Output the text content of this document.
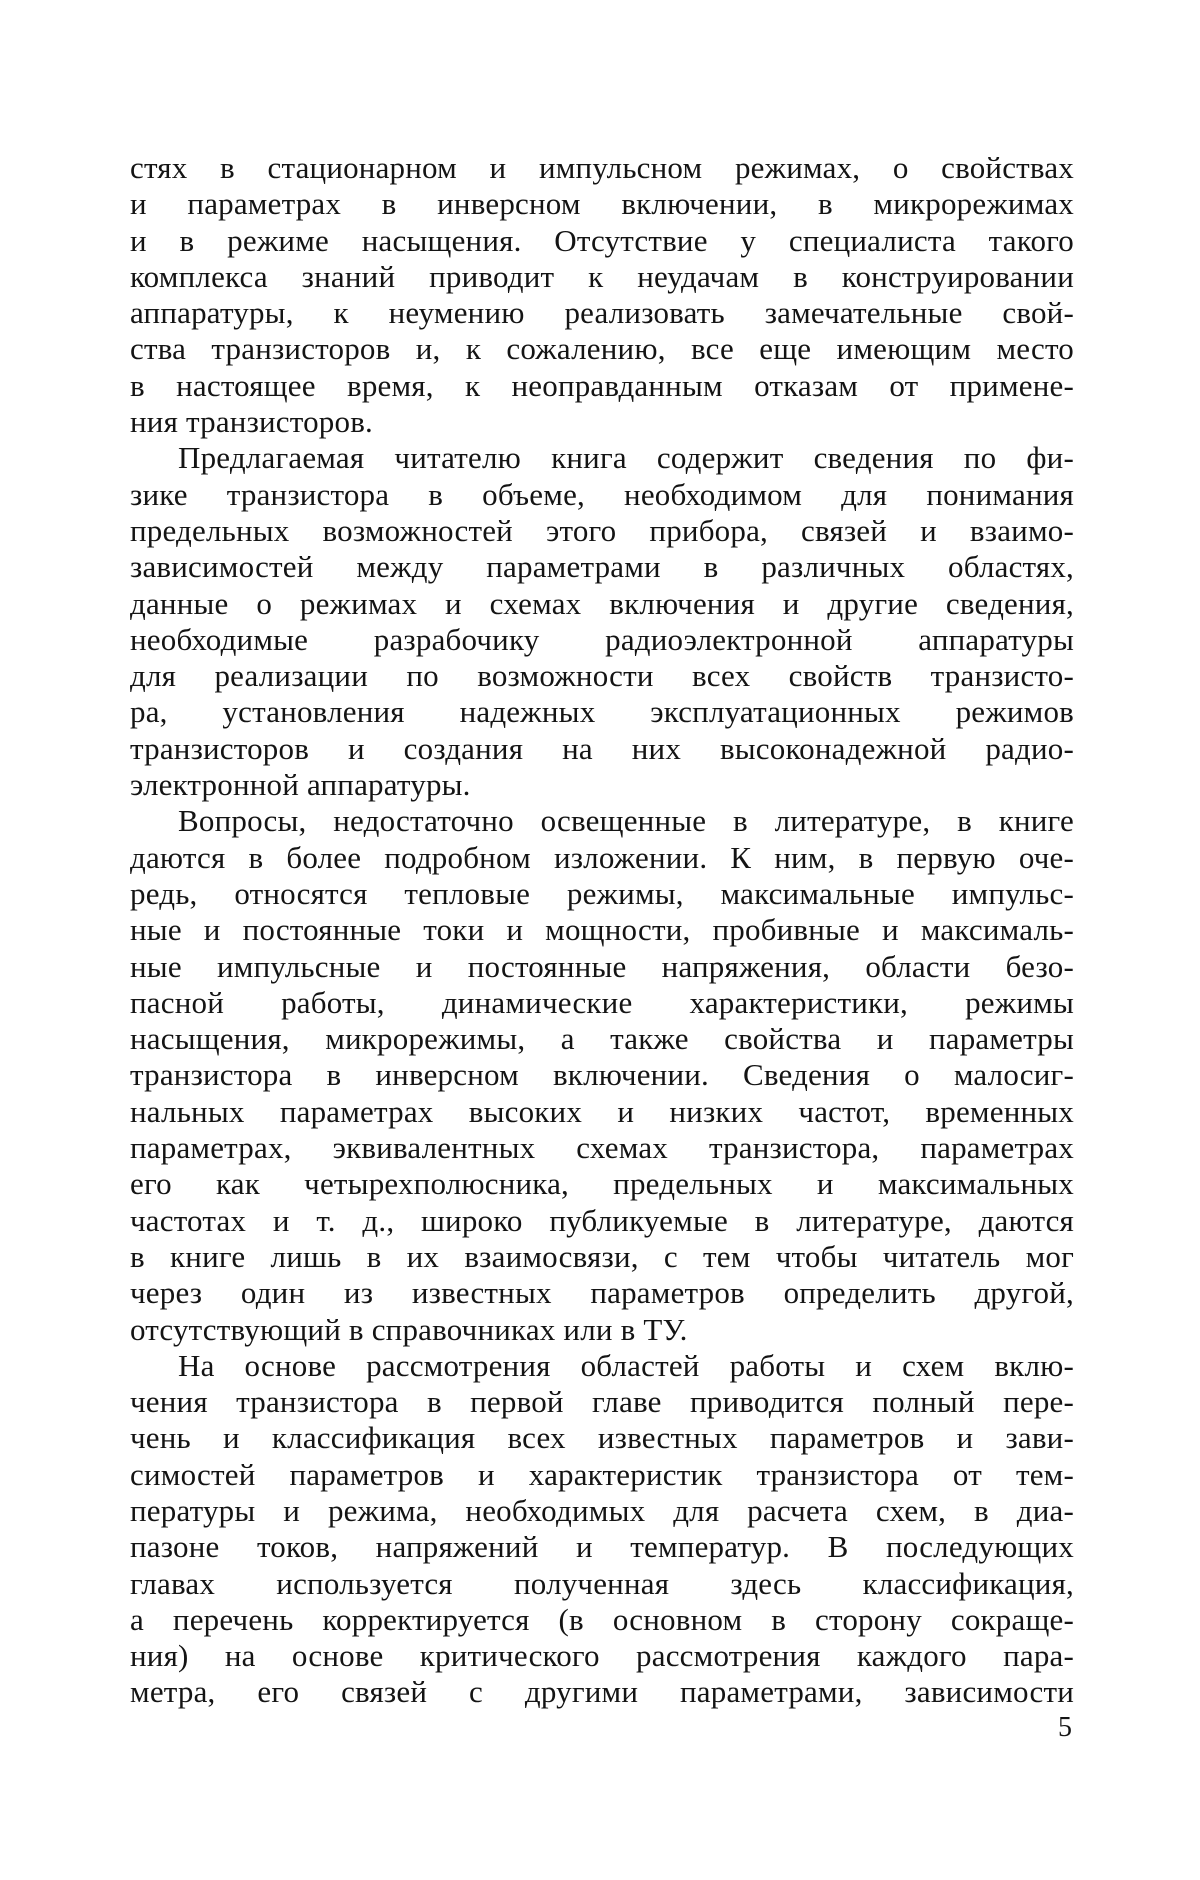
стях в стационарном и импульсном режимах, о свойствах
и параметрах в инверсном включении, в микрорежимах
и в режиме насыщения. Отсутствие у специалиста такого
комплекса знаний приводит к неудачам в конструировании
аппаратуры, к неумению реализовать замечательные свой-
ства транзисторов и, к сожалению, все еще имеющим место
в настоящее время, к неоправданным отказам от примене-
ния транзисторов.
Предлагаемая читателю книга содержит сведения по фи-
зике транзистора в объеме, необходимом для понимания
предельных возможностей этого прибора, связей и взаимо-
зависимостей между параметрами в различных областях,
данные о режимах и схемах включения и другие сведения,
необходимые разрабочику радиоэлектронной аппаратуры
для реализации по возможности всех свойств транзисто-
ра, установления надежных эксплуатационных режимов
транзисторов и создания на них высоконадежной радио-
электронной аппаратуры.
Вопросы, недостаточно освещенные в литературе, в книге
даются в более подробном изложении. К ним, в первую оче-
редь, относятся тепловые режимы, максимальные импульс-
ные и постоянные токи и мощности, пробивные и максималь-
ные импульсные и постоянные напряжения, области безо-
пасной работы, динамические характеристики, режимы
насыщения, микрорежимы, а также свойства и параметры
транзистора в инверсном включении. Сведения о малосиг-
нальных параметрах высоких и низких частот, временных
параметрах, эквивалентных схемах транзистора, параметрах
его как четырехполюсника, предельных и максимальных
частотах и т. д., широко публикуемые в литературе, даются
в книге лишь в их взаимосвязи, с тем чтобы читатель мог
через один из известных параметров определить другой,
отсутствующий в справочниках или в ТУ.
На основе рассмотрения областей работы и схем вклю-
чения транзистора в первой главе приводится полный пере-
чень и классификация всех известных параметров и зави-
симостей параметров и характеристик транзистора от тем-
пературы и режима, необходимых для расчета схем, в диа-
пазоне токов, напряжений и температур. В последующих
главах используется полученная здесь классификация,
а перечень корректируется (в основном в сторону сокраще-
ния) на основе критического рассмотрения каждого пара-
метра, его связей с другими параметрами, зависимости
5
